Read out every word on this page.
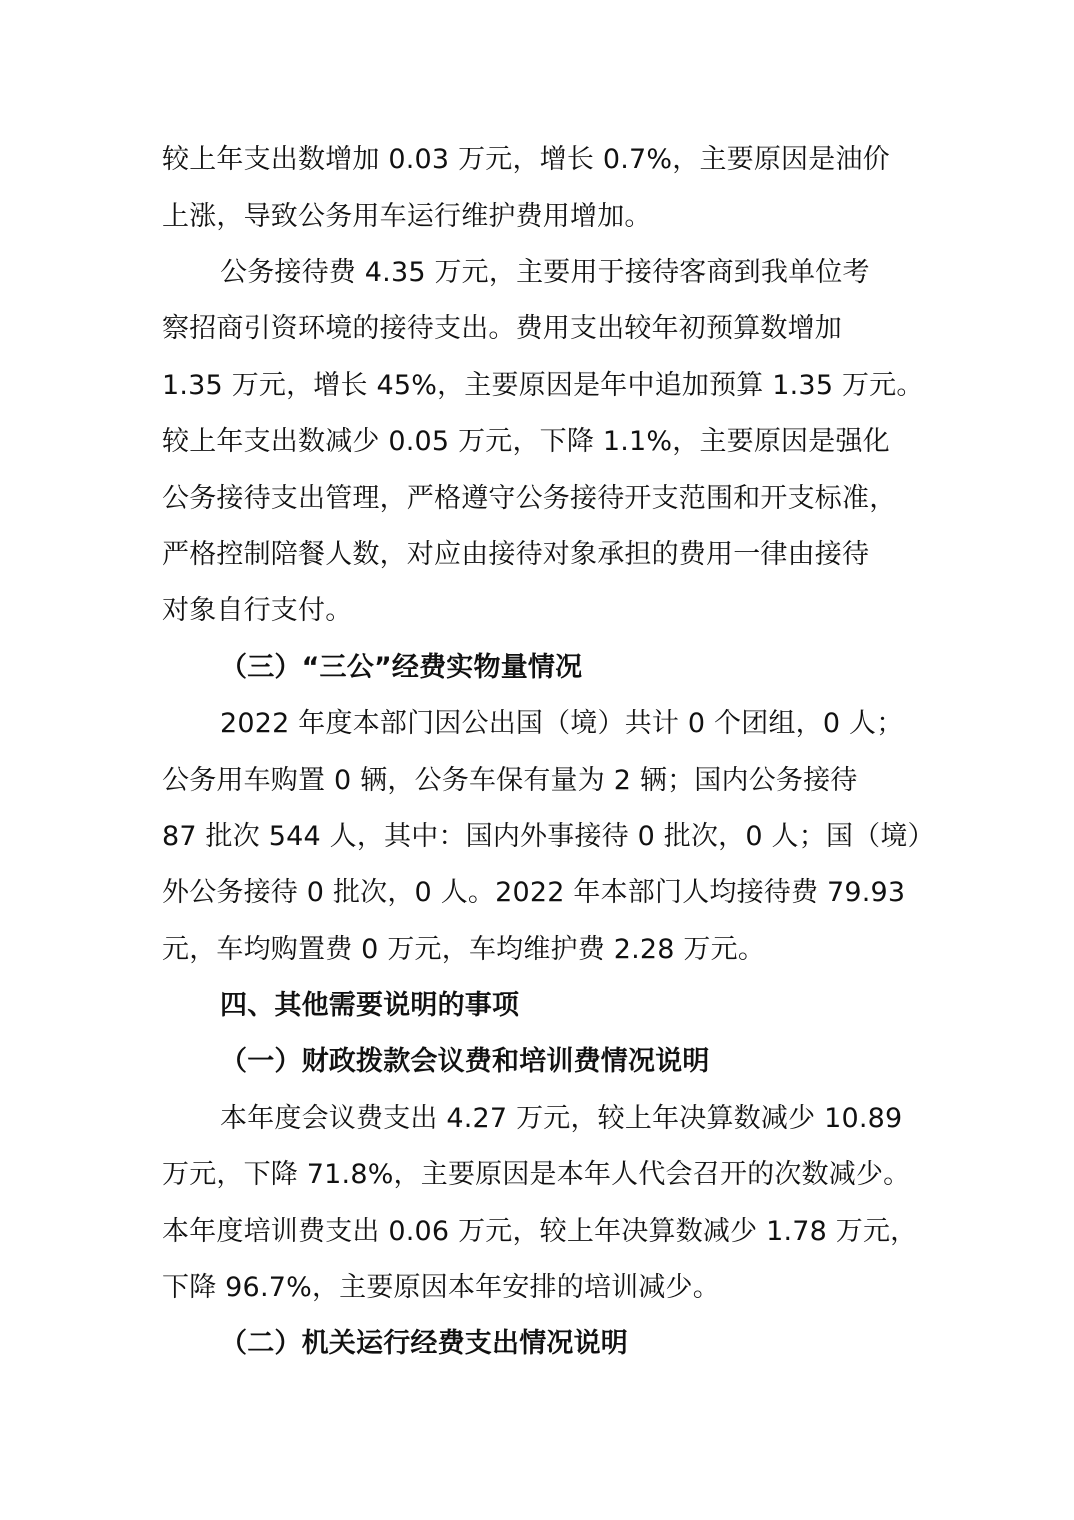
较上年支出数增加 0.03 万元，增长 0.7%，主要原因是油价
上涨，导致公务用车运行维护费用增加。
公务接待费 4.35 万元，主要用于接待客商到我单位考
察招商引资环境的接待支出。费用支出较年初预算数增加
1.35 万元，增长 45%，主要原因是年中追加预算 1.35 万元。
较上年支出数减少 0.05 万元，下降 1.1%，主要原因是强化
公务接待支出管理，严格遵守公务接待开支范围和开支标准，
严格控制陪餐人数，对应由接待对象承担的费用一律由接待
对象自行支付。
（三）“三公”经费实物量情况
2022 年度本部门因公出国（境）共计 0 个团组，0 人；
公务用车购置 0 辆，公务车保有量为 2 辆；国内公务接待
87 批次 544 人，其中：国内外事接待 0 批次，0 人；国（境）
外公务接待 0 批次，0 人。2022 年本部门人均接待费 79.93
元，车均购置费 0 万元，车均维护费 2.28 万元。
四、其他需要说明的事项
（一）财政拨款会议费和培训费情况说明
本年度会议费支出 4.27 万元，较上年决算数减少 10.89
万元，下降 71.8%，主要原因是本年人代会召开的次数减少。
本年度培训费支出 0.06 万元，较上年决算数减少 1.78 万元，
下降 96.7%，主要原因本年安排的培训减少。
（二）机关运行经费支出情况说明
